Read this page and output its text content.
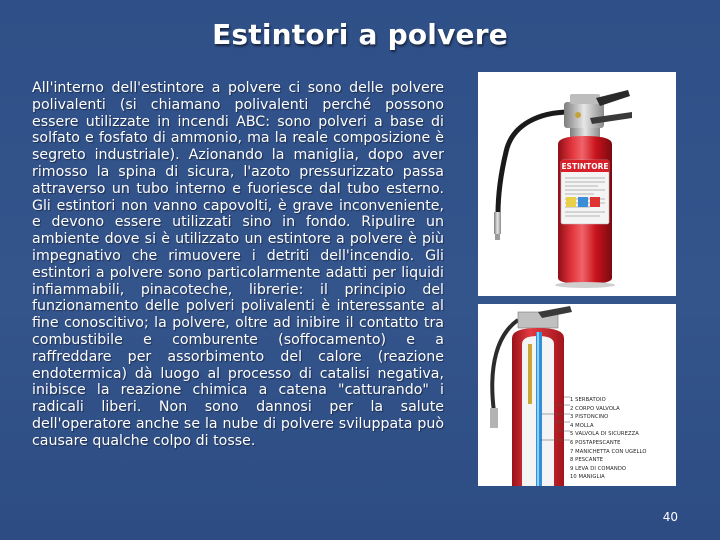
Estintori a polvere
All'interno dell'estintore a polvere ci sono delle polvere polivalenti (si chiamano polivalenti perché possono essere utilizzate in incendi ABC: sono polveri a base di solfato e fosfato di ammonio, ma la reale composizione è segreto industriale). Azionando la maniglia, dopo aver rimosso la spina di sicura, l'azoto pressurizzato passa attraverso un tubo interno e fuoriesce dal tubo esterno. Gli estintori non vanno capovolti, è grave inconveniente, e devono essere utilizzati sino in fondo. Ripulire un ambiente dove si è utilizzato un estintore a polvere è più impegnativo che rimuovere i detriti dell'incendio. Gli estintori a polvere sono particolarmente adatti per liquidi infiammabili, pinacoteche, librerie: il principio del funzionamento delle polveri polivalenti è interessante al fine conoscitivo; la polvere, oltre ad inibire il contatto tra combustibile e comburente (soffocamento) e a raffreddare per assorbimento del calore (reazione endotermica) dà luogo al processo di catalisi negativa, inibisce la reazione chimica a catena "catturando" i radicali liberi. Non sono dannosi per la salute dell'operatore anche se la nube di polvere sviluppata può causare qualche colpo di tosse.
ESTINTORE
1 SERBATOIO
2 CORPO VALVOLA
3 PISTONCINO
4 MOLLA
5 VALVOLA DI SICUREZZA
6 POSTAPESCANTE
7 MANICHETTA CON UGELLO
8 PESCANTE
9 LEVA DI COMANDO
10 MANIGLIA
40
